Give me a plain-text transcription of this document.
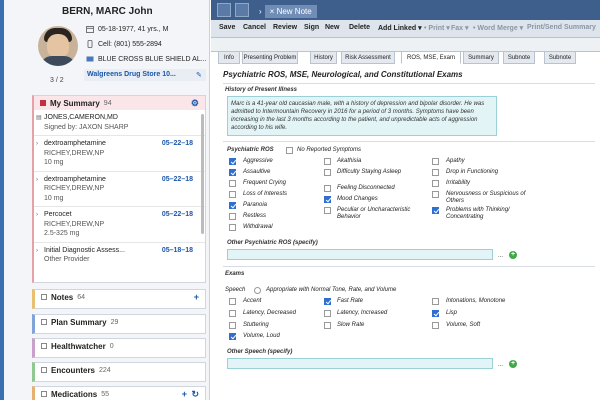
BERN, MARC John
3 / 2
05-18-1977, 41 yrs., M
Cell: (801) 555-2894
BLUE CROSS BLUE SHIELD AL...
Walgreens Drug Store 10...	✎
My Summary 94	⚙
▤ JONES,CAMERON,MD
Signed by: JAXON SHARP
›	05–22–18
dextroamphetamine
RICHEY,DREW,NP
10 mg
›	05–22–18
dextroamphetamine
RICHEY,DREW,NP
10 mg
›	05–22–18
Percocet
RICHEY,DREW,NP
2.5-325 mg
›	05–18–18
Initial Diagnostic Assess...
Other Provider
Notes 64	+
Plan Summary 29
Healthwatcher 0
Encounters 224
Medications 55	+ ↻
›	× New Note
Save Cancel Review Sign New Delete Add Linked ▾ • Print ▾ Fax ▾ • Word Merge ▾ Print/Send Summary
Info	Presenting Problem	History	Risk Assessment	ROS, MSE, Exam	Summary	Subnote	Subnote
Psychiatric ROS, MSE, Neurological, and Constitutional Exams
History of Present Illness
Marc is a 41-year old caucasian male, with a history of depression and bipolar disorder. He was admitted to Intermountain Recovery in 2016 for a period of 3 months. Symptoms have been increasing in the last 3 months according to the patient, and unpredictable acts of aggression according to his wife.
Psychiatric ROS	No Reported Symptoms
Aggressive
Assaultive
Frequent Crying
Loss of Interests
Paranoia
Restless
Withdrawal
Akathisia
Difficulty Staying Asleep
Feeling Disconnected
Mood Changes
Peculiar or Uncharacteristic Behavior
Apathy
Drop in Functioning
Irritability
Nervousness or Suspicious of Others
Problems with Thinking/ Concentrating
Other Psychiatric ROS (specify)
... +
Exams
Speech	Appropriate with Normal Tone, Rate, and Volume
Accent
Latency, Decreased
Stuttering
Volume, Loud
Fast Rate
Latency, Increased
Slow Rate
Intonations, Monotone
Lisp
Volume, Soft
Other Speech (specify)
... +
